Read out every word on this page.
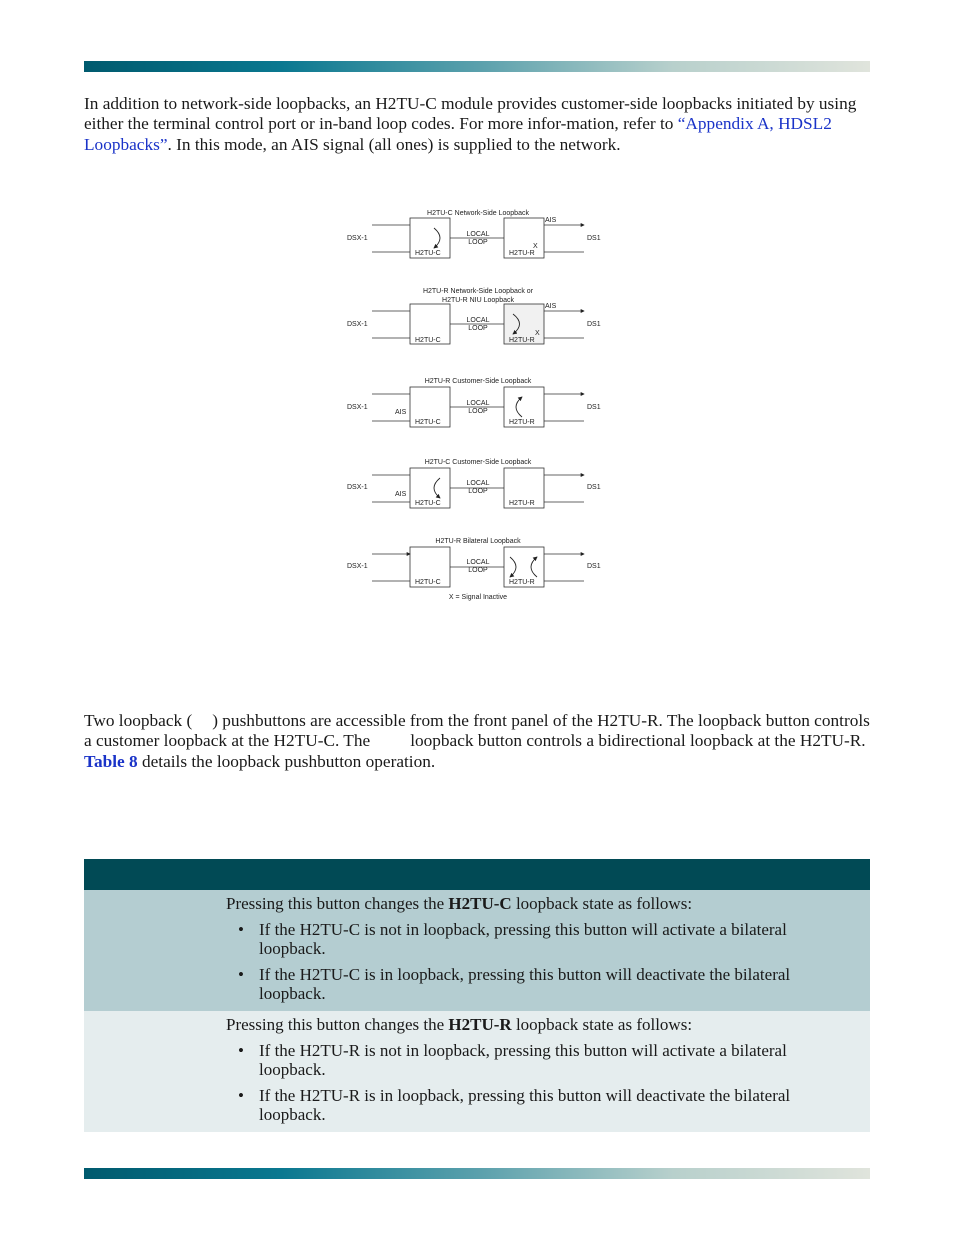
In addition to network-side loopbacks, an H2TU-C module provides customer-side loopbacks initiated by using either the terminal control port or in-band loop codes. For more infor-mation, refer to “Appendix A, HDSL2 Loopbacks”. In this mode, an AIS signal (all ones) is supplied to the network.

H2TU-C Network-Side Loopback
DSX-1	DS1
AIS
H2TU-C	H2TU-R
LOCAL
LOOP
X
H2TU-R Network-Side Loopback or
H2TU-R NIU Loopback
DSX-1	DS1
AIS
H2TU-C	H2TU-R
LOCAL
LOOP
X
H2TU-R Customer-Side Loopback
DSX-1	DS1
AIS
H2TU-C	H2TU-R
LOCAL
LOOP
H2TU-C Customer-Side Loopback
DSX-1	DS1
AIS
H2TU-C	H2TU-R
LOCAL
LOOP
H2TU-R Bilateral Loopback
DSX-1	DS1
H2TU-C	H2TU-R
LOCAL
LOOP
X = Signal Inactive

Two loopback ( ) pushbuttons are accessible from the front panel of the H2TU-R. The loopback button controls a customer loopback at the H2TU-C. The loopback button controls a bidirectional loopback at the H2TU-R. Table 8 details the loopback pushbutton operation.

Pressing this button changes the H2TU-C loopback state as follows:

• If the H2TU-C is not in loopback, pressing this button will activate a bilateral loopback.
• If the H2TU-C is in loopback, pressing this button will deactivate the bilateral loopback.

Pressing this button changes the H2TU-R loopback state as follows:

• If the H2TU-R is not in loopback, pressing this button will activate a bilateral loopback.
• If the H2TU-R is in loopback, pressing this button will deactivate the bilateral loopback.
